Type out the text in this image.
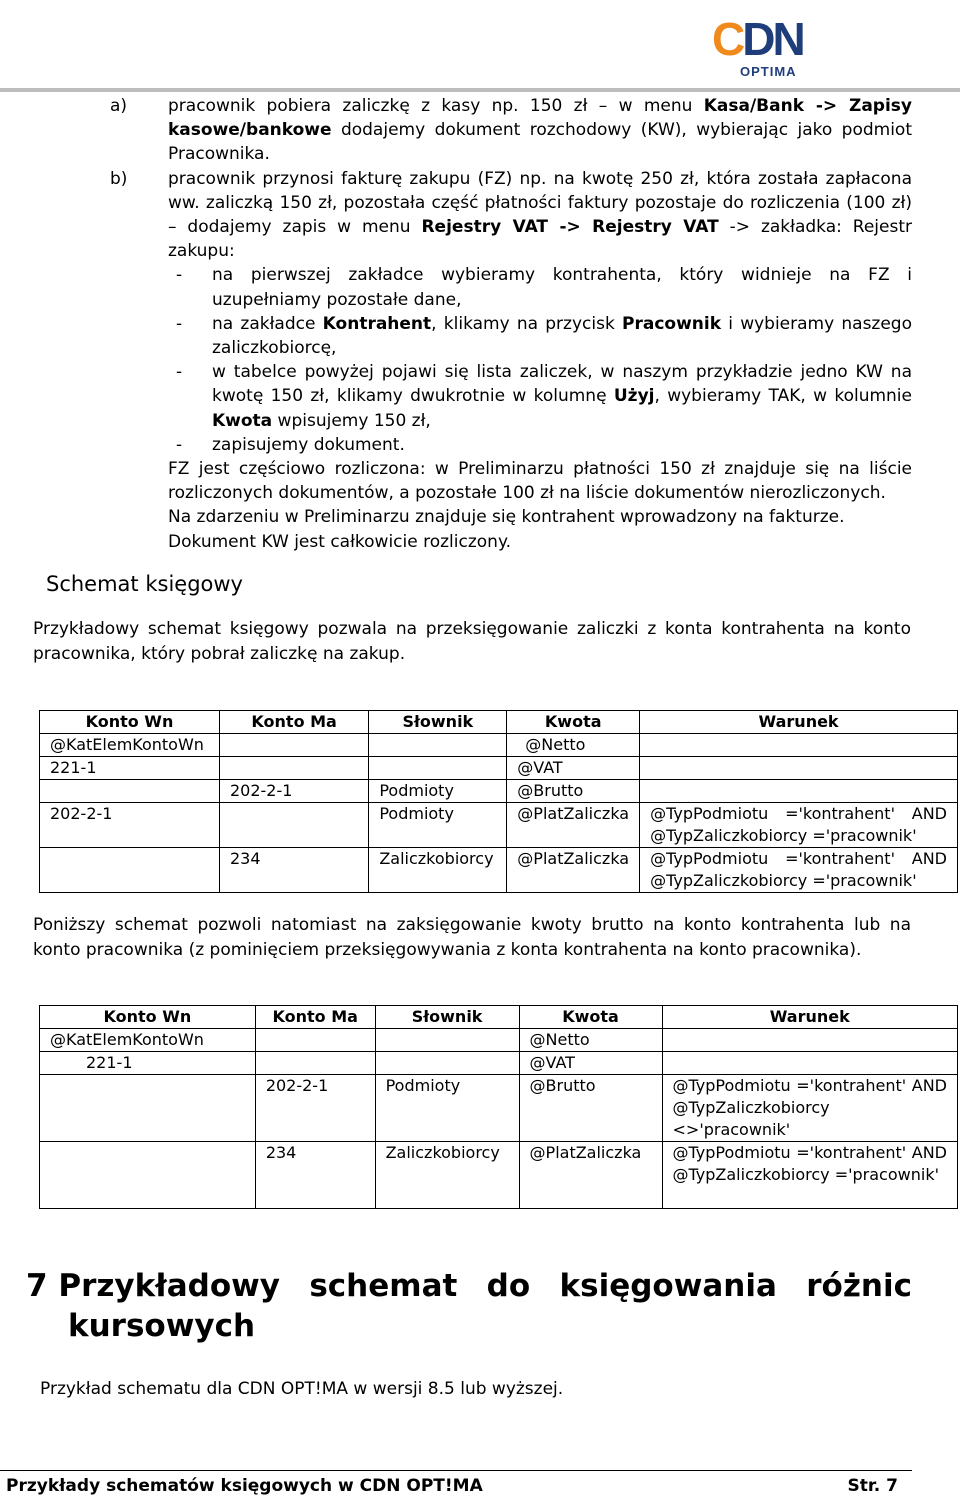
CDN
OPTIMA
a) pracownik pobiera zaliczkę z kasy np. 150 zł – w menu Kasa/Bank -> Zapisy kasowe/bankowe dodajemy dokument rozchodowy (KW), wybierając jako podmiot Pracownika.
b) pracownik przynosi fakturę zakupu (FZ) np. na kwotę 250 zł, która została zapłacona ww. zaliczką 150 zł, pozostała część płatności faktury pozostaje do rozliczenia (100 zł) – dodajemy zapis w menu Rejestry VAT -> Rejestry VAT -> zakładka: Rejestr zakupu:
- na pierwszej zakładce wybieramy kontrahenta, który widnieje na FZ i uzupełniamy pozostałe dane,
- na zakładce Kontrahent, klikamy na przycisk Pracownik i wybieramy naszego zaliczkobiorcę,
- w tabelce powyżej pojawi się lista zaliczek, w naszym przykładzie jedno KW na kwotę 150 zł, klikamy dwukrotnie w kolumnę Użyj, wybieramy TAK, w kolumnie Kwota wpisujemy 150 zł,
- zapisujemy dokument.
FZ jest częściowo rozliczona: w Preliminarzu płatności 150 zł znajduje się na liście rozliczonych dokumentów, a pozostałe 100 zł na liście dokumentów nierozliczonych.
Na zdarzeniu w Preliminarzu znajduje się kontrahent wprowadzony na fakturze.
Dokument KW jest całkowicie rozliczony.
Schemat księgowy
Przykładowy schemat księgowy pozwala na przeksięgowanie zaliczki z konta kontrahenta na konto pracownika, który pobrał zaliczkę na zakup.
Konto Wn	Konto Ma	Słownik	Kwota	Warunek
@KatElemKontoWn			@Netto	
221-1			@VAT	
	202-2-1	Podmioty	@Brutto	
202-2-1		Podmioty	@PlatZaliczka	@TypPodmiotu ='kontrahent' AND @TypZaliczkobiorcy ='pracownik'
	234	Zaliczkobiorcy	@PlatZaliczka	@TypPodmiotu ='kontrahent' AND @TypZaliczkobiorcy ='pracownik'
Poniższy schemat pozwoli natomiast na zaksięgowanie kwoty brutto na konto kontrahenta lub na konto pracownika (z pominięciem przeksięgowywania z konta kontrahenta na konto pracownika).
Konto Wn	Konto Ma	Słownik	Kwota	Warunek
@KatElemKontoWn			@Netto	
221-1			@VAT	
	202-2-1	Podmioty	@Brutto	@TypPodmiotu ='kontrahent' AND @TypZaliczkobiorcy <>'pracownik'
	234	Zaliczkobiorcy	@PlatZaliczka	@TypPodmiotu ='kontrahent' AND @TypZaliczkobiorcy ='pracownik'
7 Przykładowy schemat do księgowania różnic
kursowych
Przykład schematu dla CDN OPT!MA w wersji 8.5 lub wyższej.
Przykłady schematów księgowych w CDN OPT!MA	Str. 7
